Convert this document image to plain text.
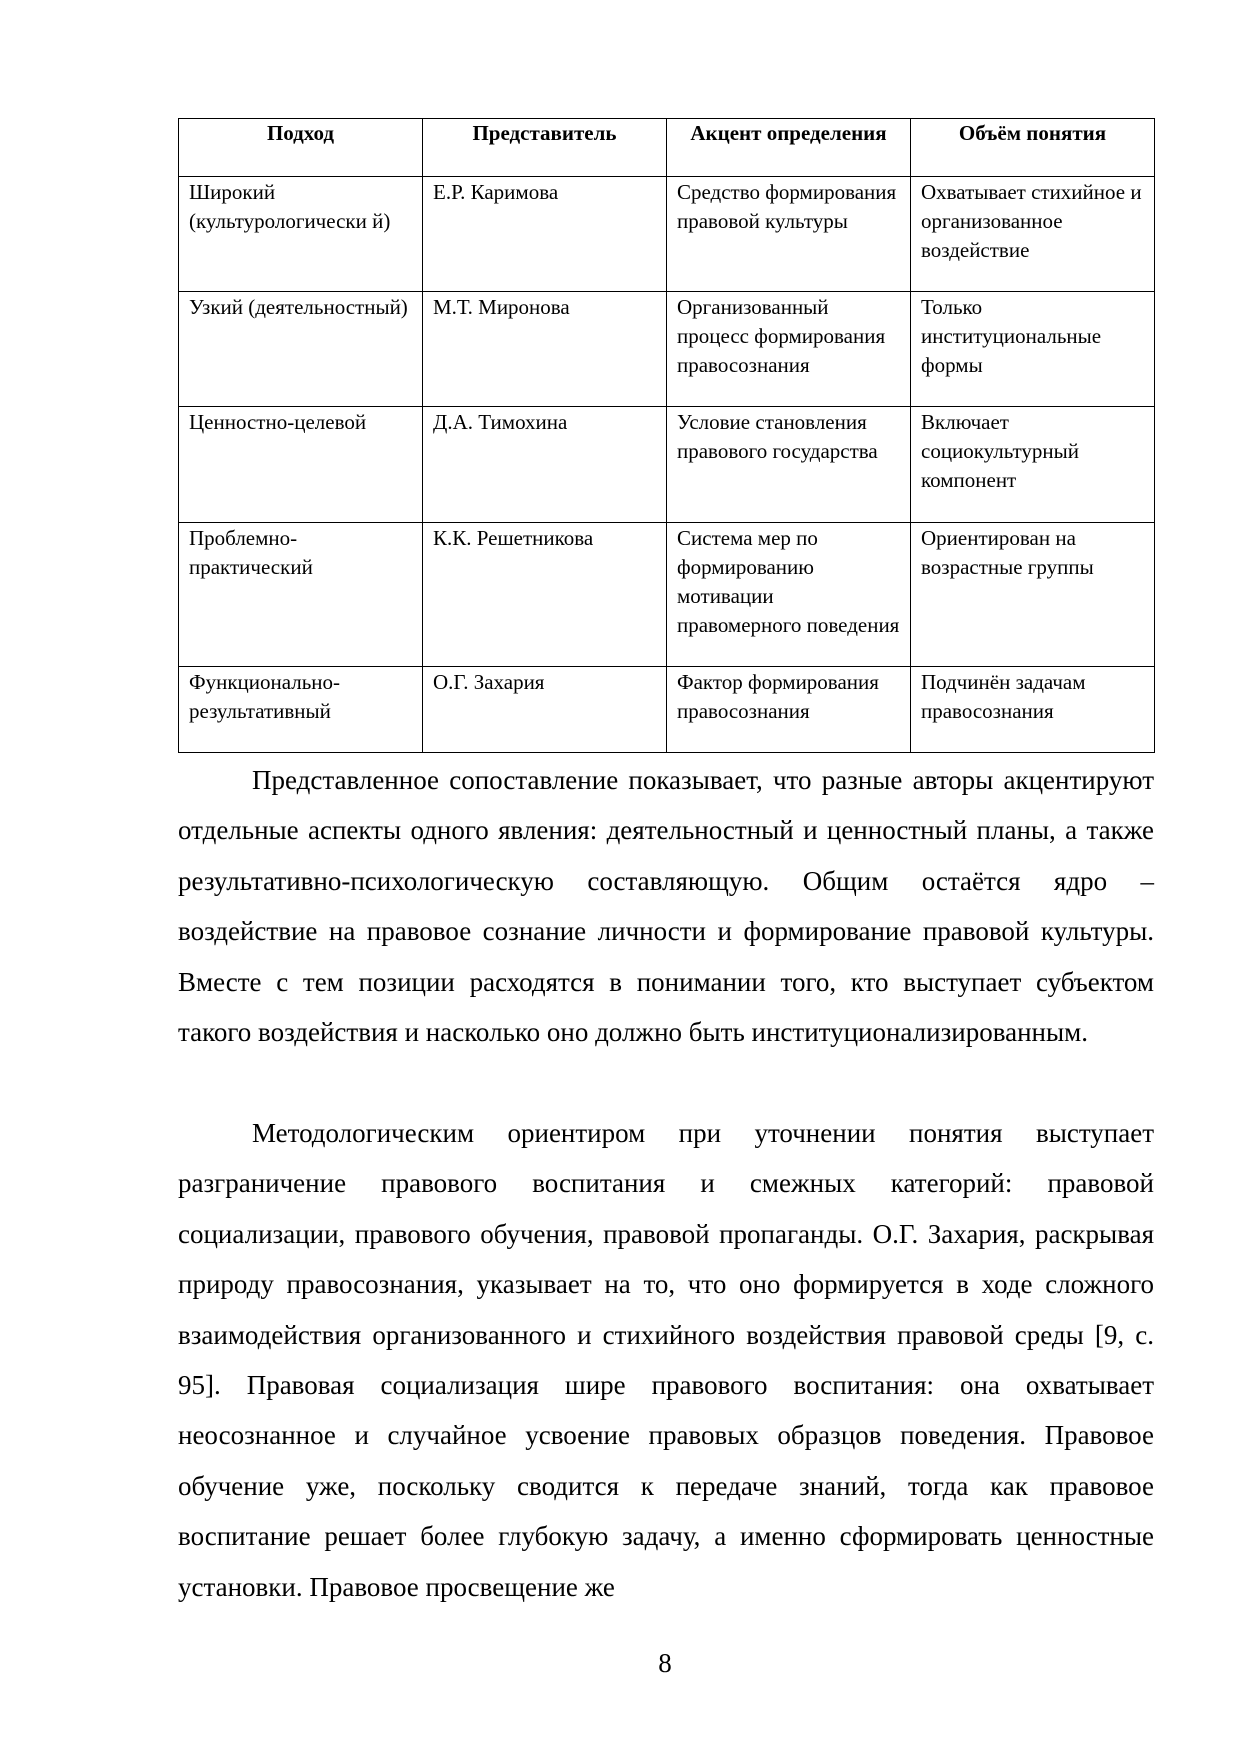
Подход	Представитель	Акцент определения	Объём понятия
Широкий (культурологически й)	Е.Р. Каримова	Средство формирования правовой культуры	Охватывает стихийное и организованное воздействие
Узкий (деятельностный)	М.Т. Миронова	Организованный процесс формирования правосознания	Только институциональные формы
Ценностно-целевой	Д.А. Тимохина	Условие становления правового государства	Включает социокультурный компонент
Проблемно-практический	К.К. Решетникова	Система мер по формированию мотивации правомерного поведения	Ориентирован на возрастные группы
Функционально-результативный	О.Г. Захария	Фактор формирования правосознания	Подчинён задачам правосознания

Представленное сопоставление показывает, что разные авторы акцентируют отдельные аспекты одного явления: деятельностный и ценностный планы, а также результативно-психологическую составляющую. Общим остаётся ядро – воздействие на правовое сознание личности и формирование правовой культуры. Вместе с тем позиции расходятся в понимании того, кто выступает субъектом такого воздействия и насколько оно должно быть институционализированным.

Методологическим ориентиром при уточнении понятия выступает разграничение правового воспитания и смежных категорий: правовой социализации, правового обучения, правовой пропаганды. О.Г. Захария, раскрывая природу правосознания, указывает на то, что оно формируется в ходе сложного взаимодействия организованного и стихийного воздействия правовой среды [9, с. 95]. Правовая социализация шире правового воспитания: она охватывает неосознанное и случайное усвоение правовых образцов поведения. Правовое обучение уже, поскольку сводится к передаче знаний, тогда как правовое воспитание решает более глубокую задачу, а именно сформировать ценностные установки. Правовое просвещение же

8
